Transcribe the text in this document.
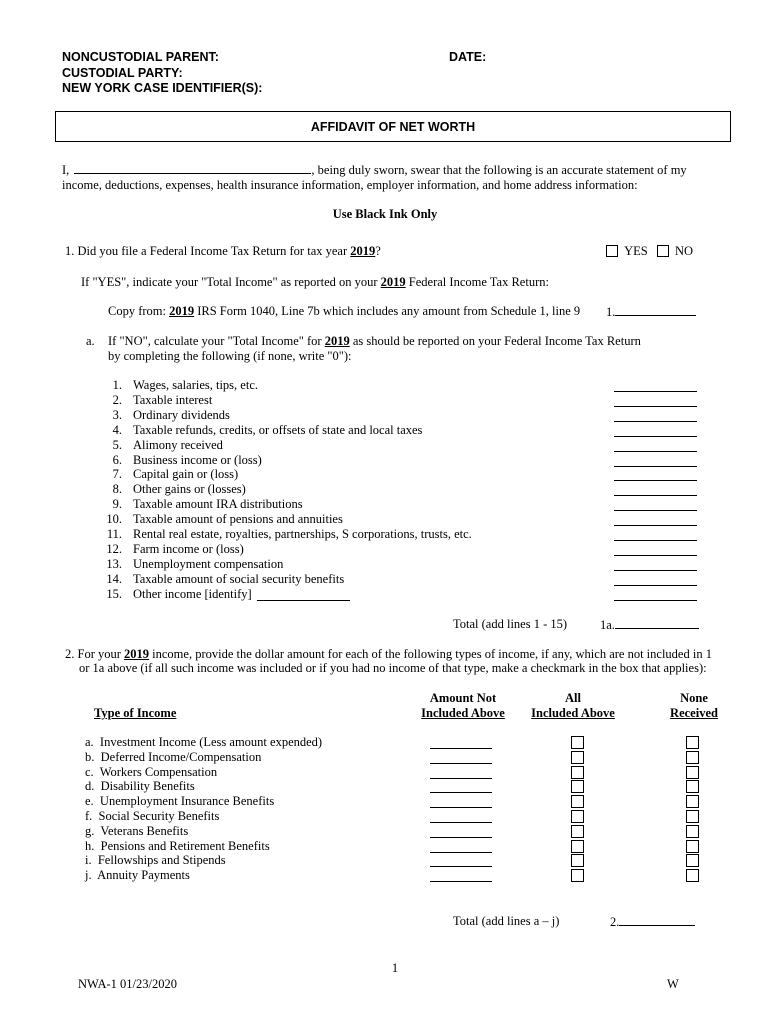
NONCUSTODIAL PARENT:
CUSTODIAL PARTY:
NEW YORK CASE IDENTIFIER(S):
DATE:
AFFIDAVIT OF NET WORTH
I,	, being duly sworn, swear that the following is an accurate statement of my
income, deductions, expenses, health insurance information, employer information, and home address information:
Use Black Ink Only
1. Did you file a Federal Income Tax Return for tax year 2019?	YES NO
If "YES", indicate your "Total Income" as reported on your 2019 Federal Income Tax Return:
Copy from: 2019 IRS Form 1040, Line 7b which includes any amount from Schedule 1, line 9 1.
a. If "NO", calculate your "Total Income" for 2019 as should be reported on your Federal Income Tax Return
by completing the following (if none, write "0"):
1. Wages, salaries, tips, etc.
2. Taxable interest
3. Ordinary dividends
4. Taxable refunds, credits, or offsets of state and local taxes
5. Alimony received
6. Business income or (loss)
7. Capital gain or (loss)
8. Other gains or (losses)
9. Taxable amount IRA distributions
10. Taxable amount of pensions and annuities
11. Rental real estate, royalties, partnerships, S corporations, trusts, etc.
12. Farm income or (loss)
13. Unemployment compensation
14. Taxable amount of social security benefits
15. Other income [identify]
Total (add lines 1 - 15)	1a.
2. For your 2019 income, provide the dollar amount for each of the following types of income, if any, which are not included in 1
or 1a above (if all such income was included or if you had no income of that type, make a checkmark in the box that applies):
Type of Income
Amount Not
Included Above
All
Included Above
None
Received
a.  Investment Income (Less amount expended)
b.  Deferred Income/Compensation
c.  Workers Compensation
d.  Disability Benefits
e.  Unemployment Insurance Benefits
f.  Social Security Benefits
g.  Veterans Benefits
h.  Pensions and Retirement Benefits
i.  Fellowships and Stipends
j.  Annuity Payments
Total (add lines a – j)	2.
1
NWA-1 01/23/2020	W
